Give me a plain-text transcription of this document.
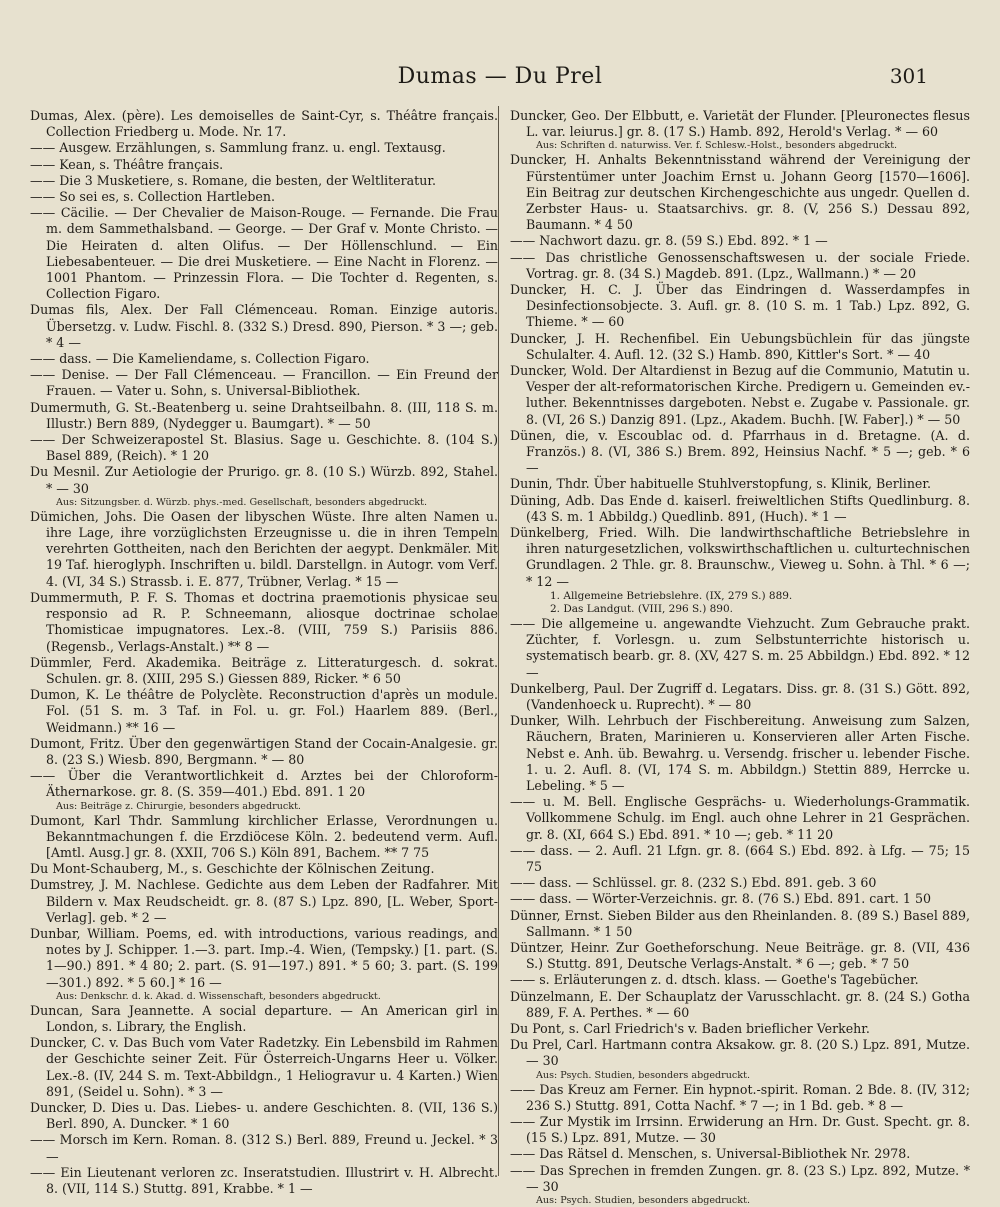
Dumas — Du Prel	301
Dumas, Alex. (père). Les demoiselles de Saint-Cyr, s. Théâtre français. Collection Friedberg u. Mode. Nr. 17.
—— Ausgew. Erzählungen, s. Sammlung franz. u. engl. Textausg.
—— Kean, s. Théâtre français.
—— Die 3 Musketiere, s. Romane, die besten, der Weltliteratur.
—— So sei es, s. Collection Hartleben.
—— Cäcilie. — Der Chevalier de Maison-Rouge. — Fernande. Die Frau m. dem Sammethalsband. — George. — Der Graf v. Monte Christo. — Die Heiraten d. alten Olifus. — Der Höllenschlund. — Ein Liebesabenteuer. — Die drei Musketiere. — Eine Nacht in Florenz. — 1001 Phantom. — Prinzessin Flora. — Die Tochter d. Regenten, s. Collection Figaro.
Dumas fils, Alex. Der Fall Clémenceau. Roman. Einzige autoris. Übersetzg. v. Ludw. Fischl. 8. (332 S.) Dresd. 890, Pierson. * 3 —; geb. * 4 —
—— dass. — Die Kameliendame, s. Collection Figaro.
—— Denise. — Der Fall Clémenceau. — Francillon. — Ein Freund der Frauen. — Vater u. Sohn, s. Universal-Bibliothek.
Dumermuth, G. St.-Beatenberg u. seine Drahtseilbahn. 8. (III, 118 S. m. Illustr.) Bern 889, (Nydegger u. Baumgart). * — 50
—— Der Schweizerapostel St. Blasius. Sage u. Geschichte. 8. (104 S.) Basel 889, (Reich). * 1 20
Du Mesnil. Zur Aetiologie der Prurigo. gr. 8. (10 S.) Würzb. 892, Stahel. * — 30
Aus: Sitzungsber. d. Würzb. phys.-med. Gesellschaft, besonders abgedruckt.
Dümichen, Johs. Die Oasen der libyschen Wüste. Ihre alten Namen u. ihre Lage, ihre vorzüglichsten Erzeugnisse u. die in ihren Tempeln verehrten Gottheiten, nach den Berichten der aegypt. Denkmäler. Mit 19 Taf. hieroglyph. Inschriften u. bildl. Darstellgn. in Autogr. vom Verf. 4. (VI, 34 S.) Strassb. i. E. 877, Trübner, Verlag. * 15 —
Dummermuth, P. F. S. Thomas et doctrina praemotionis physicae seu responsio ad R. P. Schneemann, aliosque doctrinae scholae Thomisticae impugnatores. Lex.-8. (VIII, 759 S.) Parisiis 886. (Regensb., Verlags-Anstalt.) ** 8 —
Dümmler, Ferd. Akademika. Beiträge z. Litteraturgesch. d. sokrat. Schulen. gr. 8. (XIII, 295 S.) Giessen 889, Ricker. * 6 50
Dumon, K. Le théâtre de Polyclète. Reconstruction d'après un module. Fol. (51 S. m. 3 Taf. in Fol. u. gr. Fol.) Haarlem 889. (Berl., Weidmann.) ** 16 —
Dumont, Fritz. Über den gegenwärtigen Stand der Cocain-Analgesie. gr. 8. (23 S.) Wiesb. 890, Bergmann. * — 80
—— Über die Verantwortlichkeit d. Arztes bei der Chloroform-Äthernarkose. gr. 8. (S. 359—401.) Ebd. 891. 1 20
Aus: Beiträge z. Chirurgie, besonders abgedruckt.
Dumont, Karl Thdr. Sammlung kirchlicher Erlasse, Verordnungen u. Bekanntmachungen f. die Erzdiöcese Köln. 2. bedeutend verm. Aufl. [Amtl. Ausg.] gr. 8. (XXII, 706 S.) Köln 891, Bachem. ** 7 75
Du Mont-Schauberg, M., s. Geschichte der Kölnischen Zeitung.
Dumstrey, J. M. Nachlese. Gedichte aus dem Leben der Radfahrer. Mit Bildern v. Max Reudscheidt. gr. 8. (87 S.) Lpz. 890, [L. Weber, Sport-Verlag]. geb. * 2 —
Dunbar, William. Poems, ed. with introductions, various readings, and notes by J. Schipper. 1.—3. part. Imp.-4. Wien, (Tempsky.) [1. part. (S. 1—90.) 891. * 4 80; 2. part. (S. 91—197.) 891. * 5 60; 3. part. (S. 199—301.) 892. * 5 60.] * 16 —
Aus: Denkschr. d. k. Akad. d. Wissenschaft, besonders abgedruckt.
Duncan, Sara Jeannette. A social departure. — An American girl in London, s. Library, the English.
Duncker, C. v. Das Buch vom Vater Radetzky. Ein Lebensbild im Rahmen der Geschichte seiner Zeit. Für Österreich-Ungarns Heer u. Völker. Lex.-8. (IV, 244 S. m. Text-Abbildgn., 1 Heliogravur u. 4 Karten.) Wien 891, (Seidel u. Sohn). * 3 —
Duncker, D. Dies u. Das. Liebes- u. andere Geschichten. 8. (VII, 136 S.) Berl. 890, A. Duncker. * 1 60
—— Morsch im Kern. Roman. 8. (312 S.) Berl. 889, Freund u. Jeckel. * 3 —
—— Ein Lieutenant verloren zc. Inseratstudien. Illustrirt v. H. Albrecht. 8. (VII, 114 S.) Stuttg. 891, Krabbe. * 1 —
Duncker, Geo. Der Elbbutt, e. Varietät der Flunder. [Pleuronectes flesus L. var. leiurus.] gr. 8. (17 S.) Hamb. 892, Herold's Verlag. * — 60
Aus: Schriften d. naturwiss. Ver. f. Schlesw.-Holst., besonders abgedruckt.
Duncker, H. Anhalts Bekenntnisstand während der Vereinigung der Fürstentümer unter Joachim Ernst u. Johann Georg [1570—1606]. Ein Beitrag zur deutschen Kirchengeschichte aus ungedr. Quellen d. Zerbster Haus- u. Staatsarchivs. gr. 8. (V, 256 S.) Dessau 892, Baumann. * 4 50
—— Nachwort dazu. gr. 8. (59 S.) Ebd. 892. * 1 —
—— Das christliche Genossenschaftswesen u. der sociale Friede. Vortrag. gr. 8. (34 S.) Magdeb. 891. (Lpz., Wallmann.) * — 20
Duncker, H. C. J. Über das Eindringen d. Wasserdampfes in Desinfectionsobjecte. 3. Aufl. gr. 8. (10 S. m. 1 Tab.) Lpz. 892, G. Thieme. * — 60
Duncker, J. H. Rechenfibel. Ein Uebungsbüchlein für das jüngste Schulalter. 4. Aufl. 12. (32 S.) Hamb. 890, Kittler's Sort. * — 40
Duncker, Wold. Der Altardienst in Bezug auf die Communio, Matutin u. Vesper der alt-reformatorischen Kirche. Predigern u. Gemeinden ev.-luther. Bekenntnisses dargeboten. Nebst e. Zugabe v. Passionale. gr. 8. (VI, 26 S.) Danzig 891. (Lpz., Akadem. Buchh. [W. Faber].) * — 50
Dünen, die, v. Escoublac od. d. Pfarrhaus in d. Bretagne. (A. d. Französ.) 8. (VI, 386 S.) Brem. 892, Heinsius Nachf. * 5 —; geb. * 6 —
Dunin, Thdr. Über habituelle Stuhlverstopfung, s. Klinik, Berliner.
Düning, Adb. Das Ende d. kaiserl. freiweltlichen Stifts Quedlinburg. 8. (43 S. m. 1 Abbildg.) Quedlinb. 891, (Huch). * 1 —
Dünkelberg, Fried. Wilh. Die landwirthschaftliche Betriebslehre in ihren naturgesetzlichen, volkswirthschaftlichen u. culturtechnischen Grundlagen. 2 Thle. gr. 8. Braunschw., Vieweg u. Sohn. à Thl. * 6 —; * 12 —
1. Allgemeine Betriebslehre. (IX, 279 S.) 889.
2. Das Landgut. (VIII, 296 S.) 890.
—— Die allgemeine u. angewandte Viehzucht. Zum Gebrauche prakt. Züchter, f. Vorlesgn. u. zum Selbstunterrichte historisch u. systematisch bearb. gr. 8. (XV, 427 S. m. 25 Abbildgn.) Ebd. 892. * 12 —
Dunkelberg, Paul. Der Zugriff d. Legatars. Diss. gr. 8. (31 S.) Gött. 892, (Vandenhoeck u. Ruprecht). * — 80
Dunker, Wilh. Lehrbuch der Fischbereitung. Anweisung zum Salzen, Räuchern, Braten, Marinieren u. Konservieren aller Arten Fische. Nebst e. Anh. üb. Bewahrg. u. Versendg. frischer u. lebender Fische. 1. u. 2. Aufl. 8. (VI, 174 S. m. Abbildgn.) Stettin 889, Herrcke u. Lebeling. * 5 —
—— u. M. Bell. Englische Gesprächs- u. Wiederholungs-Grammatik. Vollkommene Schulg. im Engl. auch ohne Lehrer in 21 Gesprächen. gr. 8. (XI, 664 S.) Ebd. 891. * 10 —; geb. * 11 20
—— dass. — 2. Aufl. 21 Lfgn. gr. 8. (664 S.) Ebd. 892. à Lfg. — 75; 15 75
—— dass. — Schlüssel. gr. 8. (232 S.) Ebd. 891. geb. 3 60
—— dass. — Wörter-Verzeichnis. gr. 8. (76 S.) Ebd. 891. cart. 1 50
Dünner, Ernst. Sieben Bilder aus den Rheinlanden. 8. (89 S.) Basel 889, Sallmann. * 1 50
Düntzer, Heinr. Zur Goetheforschung. Neue Beiträge. gr. 8. (VII, 436 S.) Stuttg. 891, Deutsche Verlags-Anstalt. * 6 —; geb. * 7 50
—— s. Erläuterungen z. d. dtsch. klass. — Goethe's Tagebücher.
Dünzelmann, E. Der Schauplatz der Varusschlacht. gr. 8. (24 S.) Gotha 889, F. A. Perthes. * — 60
Du Pont, s. Carl Friedrich's v. Baden brieflicher Verkehr.
Du Prel, Carl. Hartmann contra Aksakow. gr. 8. (20 S.) Lpz. 891, Mutze. — 30
Aus: Psych. Studien, besonders abgedruckt.
—— Das Kreuz am Ferner. Ein hypnot.-spirit. Roman. 2 Bde. 8. (IV, 312; 236 S.) Stuttg. 891, Cotta Nachf. * 7 —; in 1 Bd. geb. * 8 —
—— Zur Mystik im Irrsinn. Erwiderung an Hrn. Dr. Gust. Specht. gr. 8. (15 S.) Lpz. 891, Mutze. — 30
—— Das Rätsel d. Menschen, s. Universal-Bibliothek Nr. 2978.
—— Das Sprechen in fremden Zungen. gr. 8. (23 S.) Lpz. 892, Mutze. * — 30
Aus: Psych. Studien, besonders abgedruckt.
